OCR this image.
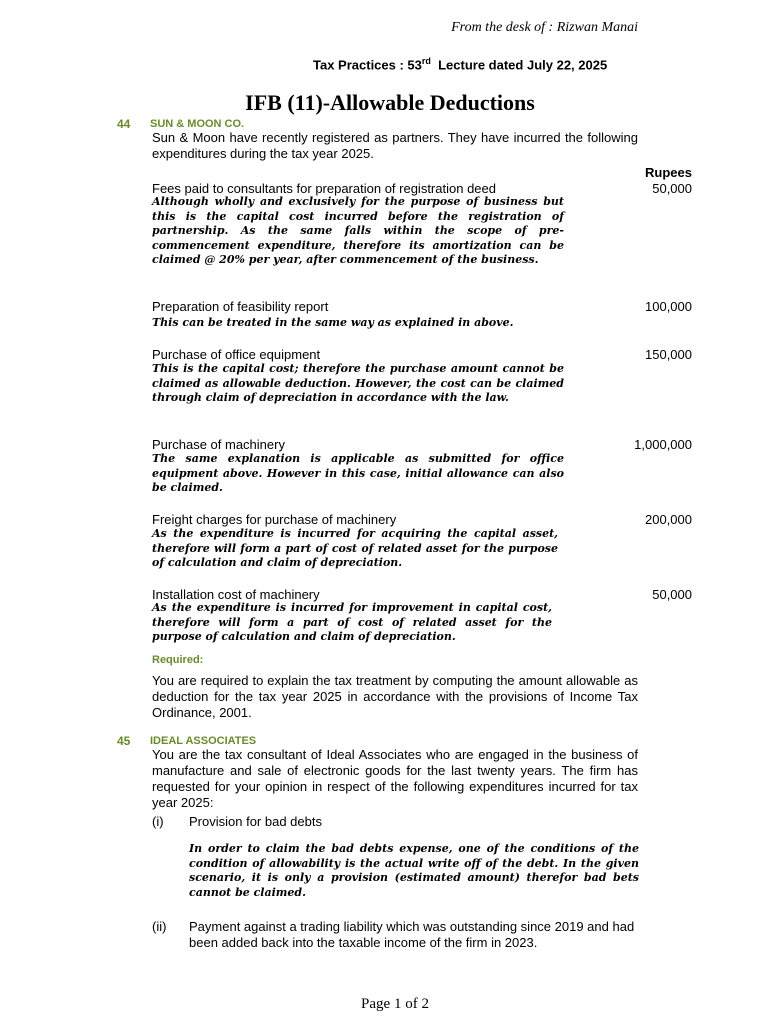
From the desk of : Rizwan Manai
Tax Practices : 53rd  Lecture dated July 22, 2025
IFB (11)-Allowable Deductions
44 SUN & MOON CO.
Sun & Moon have recently registered as partners. They have incurred the following expenditures during the tax year 2025.
Rupees
Fees paid to consultants for preparation of registration deed	50,000
Although wholly and exclusively for the purpose of business but this is the capital cost incurred before the registration of partnership. As the same falls within the scope of pre-commencement expenditure, therefore its amortization can be claimed @ 20% per year, after commencement of the business.
Preparation of feasibility report	100,000
This can be treated in the same way as explained in above.
Purchase of office equipment	150,000
This is the capital cost; therefore the purchase amount cannot be claimed as allowable deduction. However, the cost can be claimed through claim of depreciation in accordance with the law.
Purchase of machinery	1,000,000
The same explanation is applicable as submitted for office equipment above. However in this case, initial allowance can also be claimed.
Freight charges for purchase of machinery	200,000
As the expenditure is incurred for acquiring the capital asset, therefore will form a part of cost of related asset for the purpose of calculation and claim of depreciation.
Installation cost of machinery	50,000
As the expenditure is incurred for improvement in capital cost, therefore will form a part of cost of related asset for the purpose of calculation and claim of depreciation.
Required:
You are required to explain the tax treatment by computing the amount allowable as deduction for the tax year 2025 in accordance with the provisions of Income Tax Ordinance, 2001.
45 IDEAL ASSOCIATES
You are the tax consultant of Ideal Associates who are engaged in the business of manufacture and sale of electronic goods for the last twenty years. The firm has requested for your opinion in respect of the following expenditures incurred for tax year 2025:
(i) Provision for bad debts
In order to claim the bad debts expense, one of the conditions of the condition of allowability is the actual write off of the debt. In the given scenario, it is only a provision (estimated amount) therefor bad bets cannot be claimed.
(ii) Payment against a trading liability which was outstanding since 2019 and had been added back into the taxable income of the firm in 2023.
Page 1 of 2
